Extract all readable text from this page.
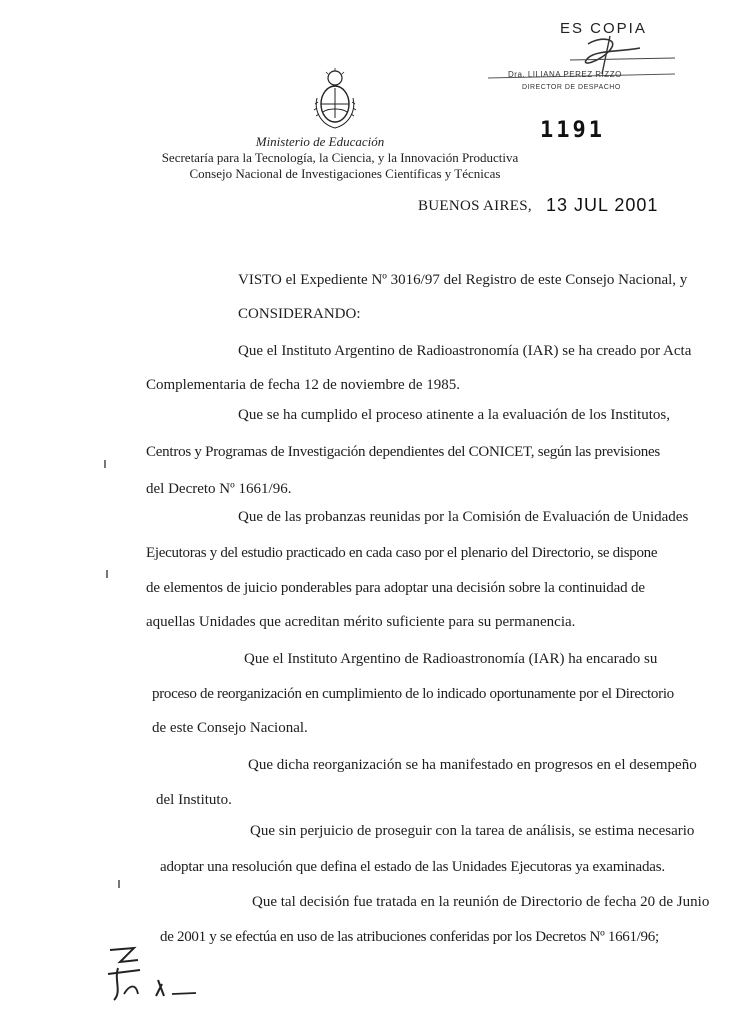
ES COPIA
Dra. LILIANA PEREZ RIZZO
DIRECTOR DE DESPACHO
1191
Ministerio de Educación
Secretaría para la Tecnología, la Ciencia, y la Innovación Productiva
Consejo Nacional de Investigaciones Científicas y Técnicas
BUENOS AIRES, 13 JUL 2001
VISTO el Expediente Nº 3016/97 del Registro de este Consejo Nacional, y
CONSIDERANDO:
Que el Instituto Argentino de Radioastronomía (IAR) se ha creado por Acta
Complementaria de fecha 12 de noviembre de 1985.
Que se ha cumplido el proceso atinente a la evaluación de los Institutos,
Centros y Programas de Investigación dependientes del CONICET, según las previsiones
del Decreto Nº 1661/96.
Que de las probanzas reunidas por la Comisión de Evaluación de Unidades
Ejecutoras y del estudio practicado en cada caso por el plenario del Directorio, se dispone
de elementos de juicio ponderables para adoptar una decisión sobre la continuidad de
aquellas Unidades que acreditan mérito suficiente para su permanencia.
Que el Instituto Argentino de Radioastronomía (IAR) ha encarado su
proceso de reorganización en cumplimiento de lo indicado oportunamente por el Directorio
de este Consejo Nacional.
Que dicha reorganización se ha manifestado en progresos en el desempeño
del Instituto.
Que sin perjuicio de proseguir con la tarea de análisis, se estima necesario
adoptar una resolución que defina el estado de las Unidades Ejecutoras ya examinadas.
Que tal decisión fue tratada en la reunión de Directorio de fecha 20 de Junio
de 2001 y se efectúa en uso de las atribuciones conferidas por los Decretos Nº 1661/96;
